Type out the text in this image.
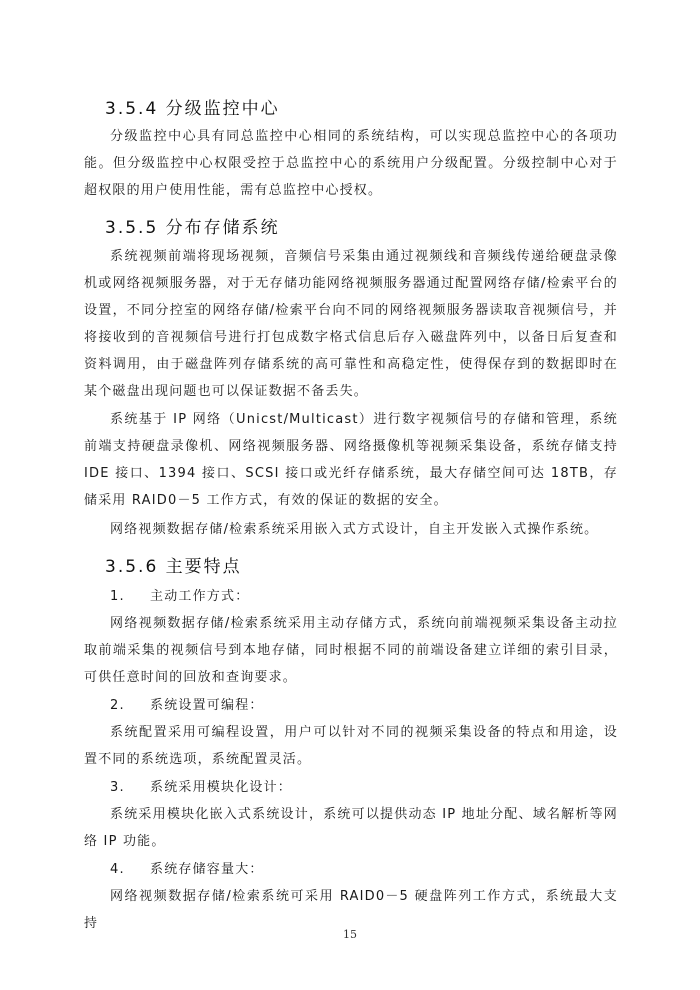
3.5.4 分级监控中心

分级监控中心具有同总监控中心相同的系统结构，可以实现总监控中心的各项功能。但分级监控中心权限受控于总监控中心的系统用户分级配置。分级控制中心对于超权限的用户使用性能，需有总监控中心授权。

3.5.5 分布存储系统

系统视频前端将现场视频，音频信号采集由通过视频线和音频线传递给硬盘录像机或网络视频服务器，对于无存储功能网络视频服务器通过配置网络存储/检索平台的设置，不同分控室的网络存储/检索平台向不同的网络视频服务器读取音视频信号，并将接收到的音视频信号进行打包成数字格式信息后存入磁盘阵列中，以备日后复查和资料调用，由于磁盘阵列存储系统的高可靠性和高稳定性，使得保存到的数据即时在某个磁盘出现问题也可以保证数据不备丢失。

系统基于 IP 网络（Unicst/Multicast）进行数字视频信号的存储和管理，系统前端支持硬盘录像机、网络视频服务器、网络摄像机等视频采集设备，系统存储支持 IDE 接口、1394 接口、SCSI 接口或光纤存储系统，最大存储空间可达 18TB，存储采用 RAID0－5 工作方式，有效的保证的数据的安全。

网络视频数据存储/检索系统采用嵌入式方式设计，自主开发嵌入式操作系统。

3.5.6 主要特点
1. 主动工作方式：

网络视频数据存储/检索系统采用主动存储方式，系统向前端视频采集设备主动拉取前端采集的视频信号到本地存储，同时根据不同的前端设备建立详细的索引目录，可供任意时间的回放和查询要求。

2. 系统设置可编程：

系统配置采用可编程设置，用户可以针对不同的视频采集设备的特点和用途，设置不同的系统选项，系统配置灵活。

3. 系统采用模块化设计：

系统采用模块化嵌入式系统设计，系统可以提供动态 IP 地址分配、域名解析等网络 IP 功能。

4. 系统存储容量大：

网络视频数据存储/检索系统可采用 RAID0－5 硬盘阵列工作方式，系统最大支持

15
